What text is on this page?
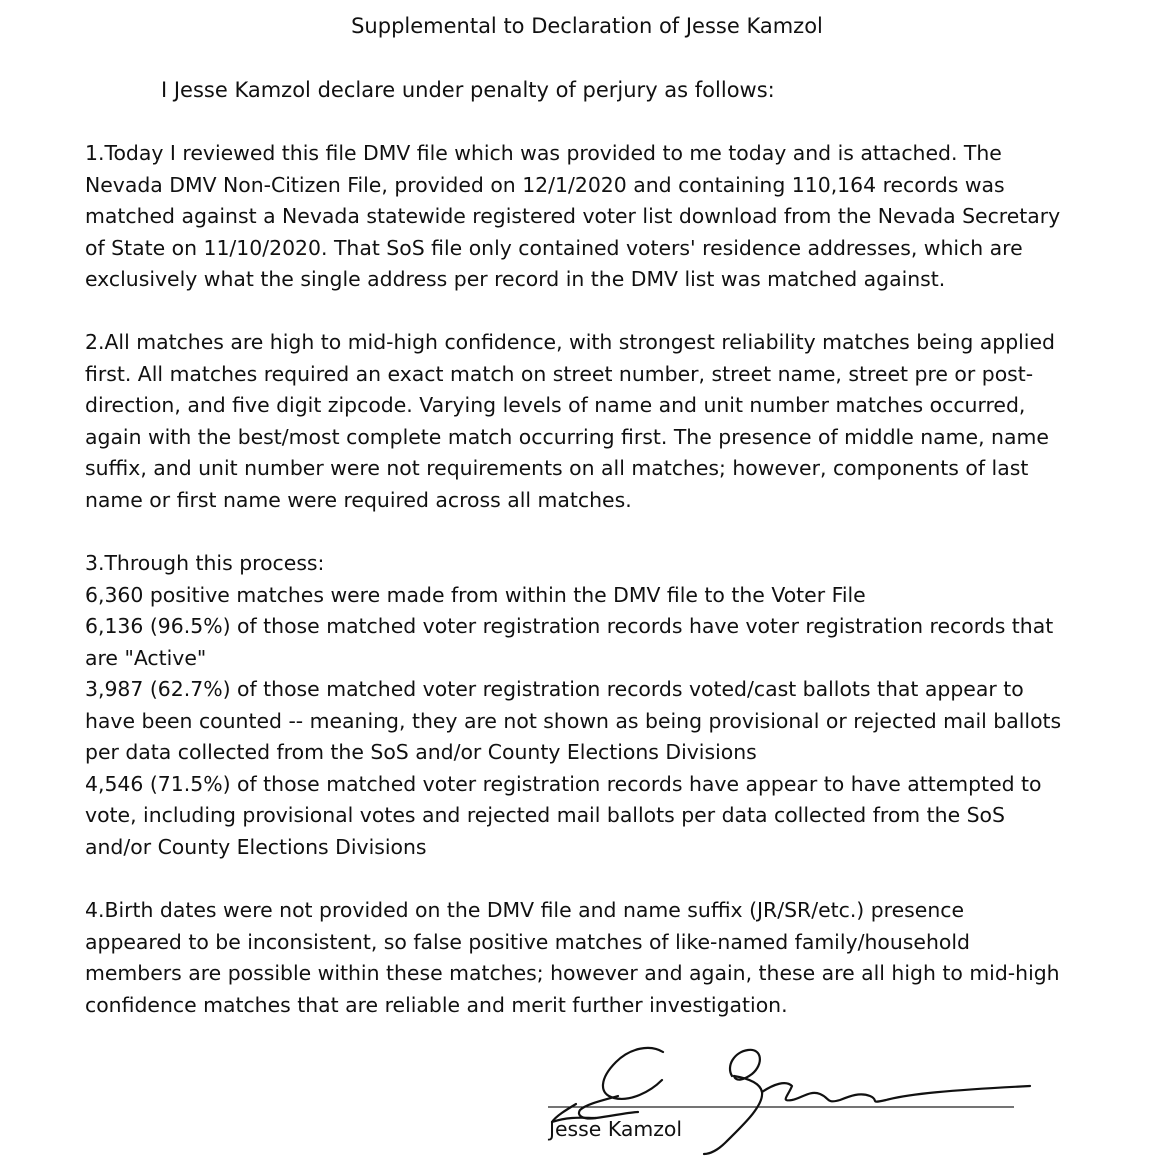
Supplemental to Declaration of Jesse Kamzol
I Jesse Kamzol declare under penalty of perjury as follows:
1.Today I reviewed this file DMV file which was provided to me today and is attached. The
Nevada DMV Non-Citizen File, provided on 12/1/2020 and containing 110,164 records was
matched against a Nevada statewide registered voter list download from the Nevada Secretary
of State on 11/10/2020. That SoS file only contained voters' residence addresses, which are
exclusively what the single address per record in the DMV list was matched against.
2.All matches are high to mid-high confidence, with strongest reliability matches being applied
first. All matches required an exact match on street number, street name, street pre or post-
direction, and five digit zipcode. Varying levels of name and unit number matches occurred,
again with the best/most complete match occurring first. The presence of middle name, name
suffix, and unit number were not requirements on all matches; however, components of last
name or first name were required across all matches.
3.Through this process:
6,360 positive matches were made from within the DMV file to the Voter File
6,136 (96.5%) of those matched voter registration records have voter registration records that
are "Active"
3,987 (62.7%) of those matched voter registration records voted/cast ballots that appear to
have been counted -- meaning, they are not shown as being provisional or rejected mail ballots
per data collected from the SoS and/or County Elections Divisions
4,546 (71.5%) of those matched voter registration records have appear to have attempted to
vote, including provisional votes and rejected mail ballots per data collected from the SoS
and/or County Elections Divisions
4.Birth dates were not provided on the DMV file and name suffix (JR/SR/etc.) presence
appeared to be inconsistent, so false positive matches of like-named family/household
members are possible within these matches; however and again, these are all high to mid-high
confidence matches that are reliable and merit further investigation.
Jesse Kamzol
